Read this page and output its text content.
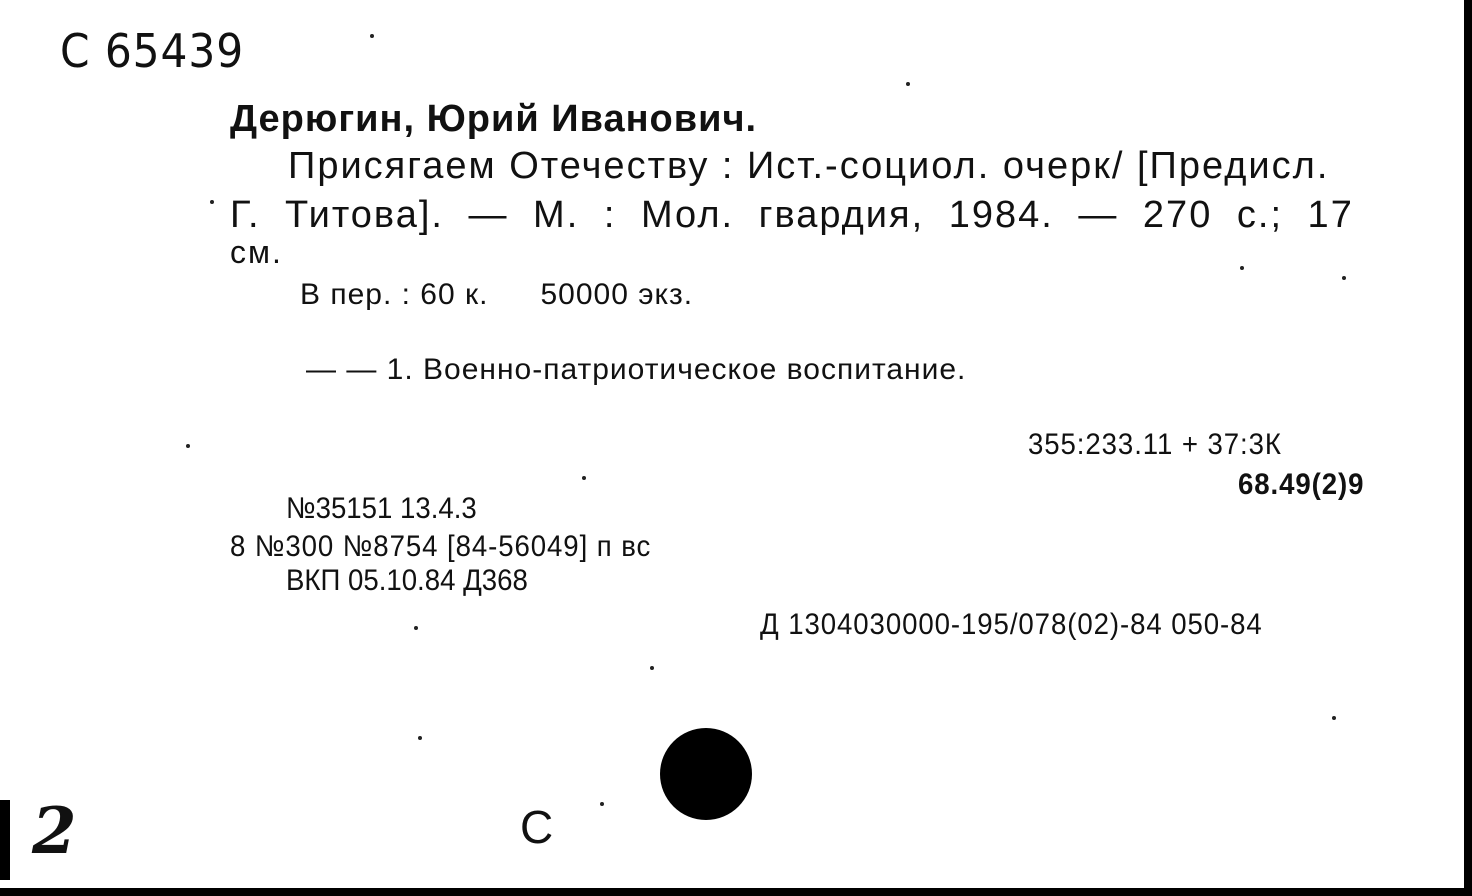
С 65439
Дерюгин, Юрий Иванович.
Присягаем Отечеству : Ист.-социол. очерк/ [Предисл.
Г. Титова]. — М. : Мол. гвардия, 1984. — 270 с.; 17
см.
В пер. : 60 к. 50000 экз.
— — 1. Военно-патриотическое воспитание.
355:233.11 + 37:3К
68.49(2)9
№35151 13.4.3
8 №300 №8754 [84-56049] п вс
ВКП 05.10.84 Д368
Д 1304030000-195/078(02)-84 050-84
2	С
